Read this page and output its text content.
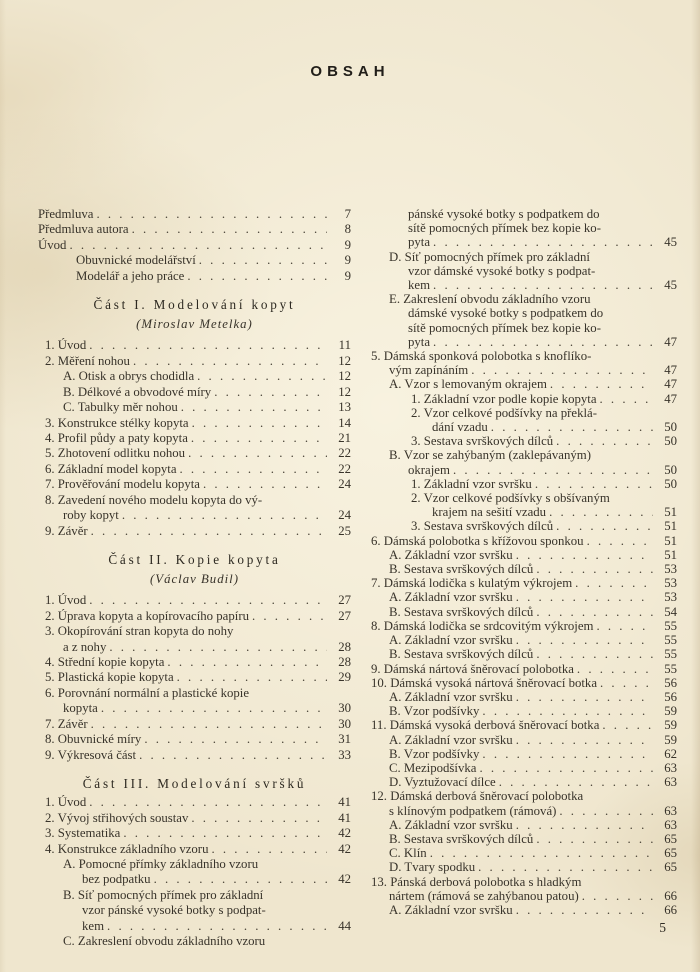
OBSAH
Předmluva . . .	7
Předmluva autora . . .	8
Úvod . . .	9
Obuvnické modelářství . . .	9
Modelář a jeho práce . . .	9
Část I. Modelování kopyt
(Miroslav Metelka)
1. Úvod . . .	11
2. Měření nohou . . .	12
A. Otisk a obrys chodidla . . .	12
B. Délkové a obvodové míry . . .	12
C. Tabulky měr nohou . . .	13
3. Konstrukce stélky kopyta . . .	14
4. Profil půdy a paty kopyta . . .	21
5. Zhotovení odlitku nohou . . .	22
6. Základní model kopyta . . .	22
7. Prověřování modelu kopyta . . .	24
8. Zavedení nového modelu kopyta do vý-
roby kopyt . . .	24
9. Závěr . . .	25
Část II. Kopie kopyta
(Václav Budil)
1. Úvod . . .	27
2. Úprava kopyta a kopírovacího papíru . . .	27
3. Okopírování stran kopyta do nohy
a z nohy . . .	28
4. Střední kopie kopyta . . .	28
5. Plastická kopie kopyta . . .	29
6. Porovnání normální a plastické kopie
kopyta . . .	30
7. Závěr . . .	30
8. Obuvnické míry . . .	31
9. Výkresová část . . .	33
Část III. Modelování svršků
1. Úvod . . .	41
2. Vývoj střihových soustav . . .	41
3. Systematika . . .	42
4. Konstrukce základního vzoru . . .	42
A. Pomocné přímky základního vzoru
bez podpatku . . .	42
B. Síť pomocných přímek pro základní
vzor pánské vysoké botky s podpat-
kem . . .	44
C. Zakreslení obvodu základního vzoru
pánské vysoké botky s podpatkem do
sítě pomocných přímek bez kopie ko-
pyta . . .	45
D. Síť pomocných přímek pro základní
vzor dámské vysoké botky s podpat-
kem . . .	45
E. Zakreslení obvodu základního vzoru
dámské vysoké botky s podpatkem do
sítě pomocných přímek bez kopie ko-
pyta . . .	47
5. Dámská sponková polobotka s knoflíko-
vým zapínáním . . .	47
A. Vzor s lemovaným okrajem . . .	47
1. Základní vzor podle kopie kopyta . . .	47
2. Vzor celkové podšívky na překlá-
dání vzadu . . .	50
3. Sestava svrškových dílců . . .	50
B. Vzor se zahýbaným (zaklepávaným)
okrajem . . .	50
1. Základní vzor svršku . . .	50
2. Vzor celkové podšívky s obšívaným
krajem na sešití vzadu . . .	51
3. Sestava svrškových dílců . . .	51
6. Dámská polobotka s křížovou sponkou . . .	51
A. Základní vzor svršku . . .	51
B. Sestava svrškových dílců . . .	53
7. Dámská lodička s kulatým výkrojem . . .	53
A. Základní vzor svršku . . .	53
B. Sestava svrškových dílců . . .	54
8. Dámská lodička se srdcovitým výkrojem . . .	55
A. Základní vzor svršku . . .	55
B. Sestava svrškových dílců . . .	55
9. Dámská nártová šněrovací polobotka . . .	55
10. Dámská vysoká nártová šněrovací botka . . .	56
A. Základní vzor svršku . . .	56
B. Vzor podšívky . . .	59
11. Dámská vysoká derbová šněrovací botka . . .	59
A. Základní vzor svršku . . .	59
B. Vzor podšívky . . .	62
C. Mezipodšívka . . .	63
D. Vyztužovací dílce . . .	63
12. Dámská derbová šněrovací polobotka
s klínovým podpatkem (rámová) . . .	63
A. Základní vzor svršku . . .	63
B. Sestava svrškových dílců . . .	65
C. Klín . . .	65
D. Tvary spodku . . .	65
13. Pánská derbová polobotka s hladkým
nártem (rámová se zahýbanou patou) . . .	66
A. Základní vzor svršku . . .	66
5
